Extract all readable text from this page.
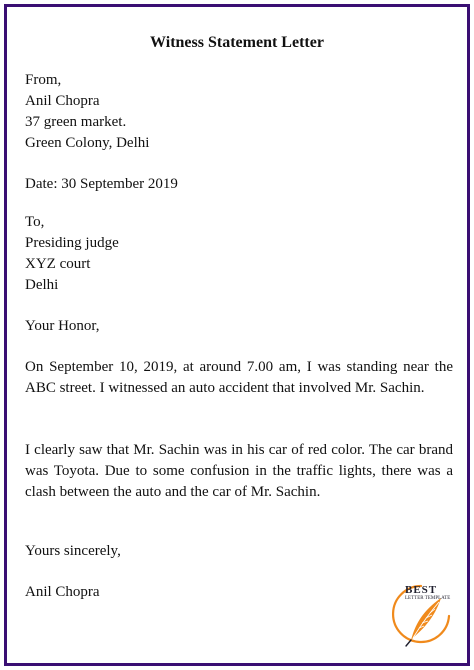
Witness Statement Letter
From,
Anil Chopra
37 green market.
Green Colony, Delhi
Date: 30 September 2019
To,
Presiding judge
XYZ court
Delhi
Your Honor,
On September 10, 2019, at around 7.00 am, I was standing near the ABC street. I witnessed an auto accident that involved Mr. Sachin.
I clearly saw that Mr. Sachin was in his car of red color. The car brand was Toyota. Due to some confusion in the traffic lights, there was a clash between the auto and the car of Mr. Sachin.
Yours sincerely,
Anil Chopra	BEST
LETTER TEMPLATE
